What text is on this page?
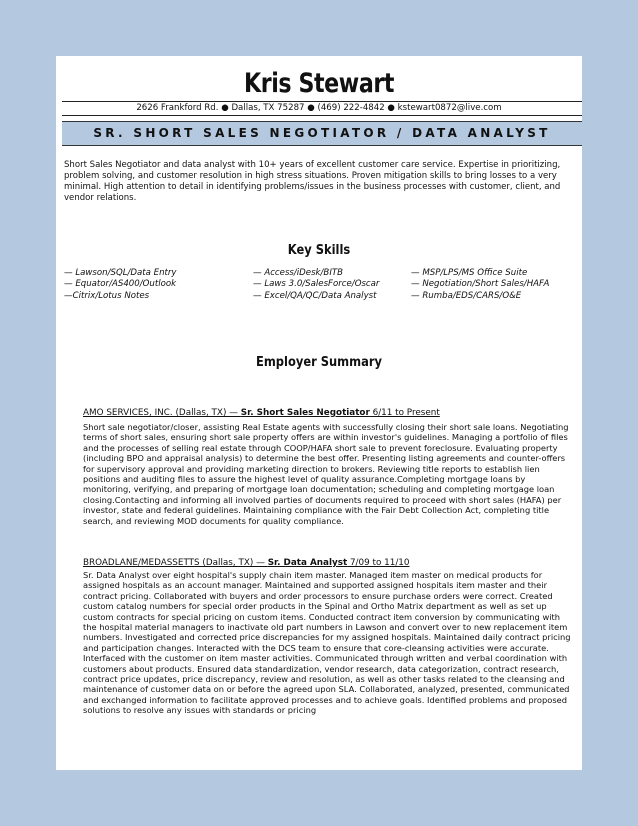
Kris Stewart
2626 Frankford Rd. ● Dallas, TX 75287 ● (469) 222-4842 ● kstewart0872@live.com
SR. SHORT SALES NEGOTIATOR / DATA ANALYST
Short Sales Negotiator and data analyst with 10+ years of excellent customer care service. Expertise in prioritizing, problem solving, and customer resolution in high stress situations. Proven mitigation skills to bring losses to a very minimal. High attention to detail in identifying problems/issues in the business processes with customer, client, and vendor relations.
Key Skills
— Lawson/SQL/Data Entry
— Equator/AS400/Outlook
—Citrix/Lotus Notes
— Access/iDesk/BITB
— Laws 3.0/SalesForce/Oscar
— Excel/QA/QC/Data Analyst
— MSP/LPS/MS Office Suite
— Negotiation/Short Sales/HAFA
— Rumba/EDS/CARS/O&E
Employer Summary
AMO SERVICES, INC. (Dallas, TX) — Sr. Short Sales Negotiator 6/11 to Present
Short sale negotiator/closer, assisting Real Estate agents with successfully closing their short sale loans. Negotiating terms of short sales, ensuring short sale property offers are within investor's guidelines. Managing a portfolio of files and the processes of selling real estate through COOP/HAFA short sale to prevent foreclosure. Evaluating property (including BPO and appraisal analysis) to determine the best offer. Presenting listing agreements and counter-offers for supervisory approval and providing marketing direction to brokers. Reviewing title reports to establish lien positions and auditing files to assure the highest level of quality assurance.Completing mortgage loans by monitoring, verifying, and preparing of mortgage loan documentation; scheduling and completing mortgage loan closing.Contacting and informing all involved parties of documents required to proceed with short sales (HAFA) per investor, state and federal guidelines. Maintaining compliance with the Fair Debt Collection Act, completing title search, and reviewing MOD documents for quality compliance.
BROADLANE/MEDASSETTS (Dallas, TX) — Sr. Data Analyst 7/09 to 11/10
Sr. Data Analyst over eight hospital's supply chain item master. Managed item master on medical products for assigned hospitals as an account manager. Maintained and supported assigned hospitals item master and their contract pricing. Collaborated with buyers and order processors to ensure purchase orders were correct. Created custom catalog numbers for special order products in the Spinal and Ortho Matrix department as well as set up custom contracts for special pricing on custom items. Conducted contract item conversion by communicating with the hospital material managers to inactivate old part numbers in Lawson and convert over to new replacement item numbers. Investigated and corrected price discrepancies for my assigned hospitals. Maintained daily contract pricing and participation changes. Interacted with the DCS team to ensure that core-cleansing activities were accurate. Interfaced with the customer on item master activities. Communicated through written and verbal coordination with customers about products. Ensured data standardization, vendor research, data categorization, contract research, contract price updates, price discrepancy, review and resolution, as well as other tasks related to the cleansing and maintenance of customer data on or before the agreed upon SLA. Collaborated, analyzed, presented, communicated and exchanged information to facilitate approved processes and to achieve goals. Identified problems and proposed solutions to resolve any issues with standards or pricing
